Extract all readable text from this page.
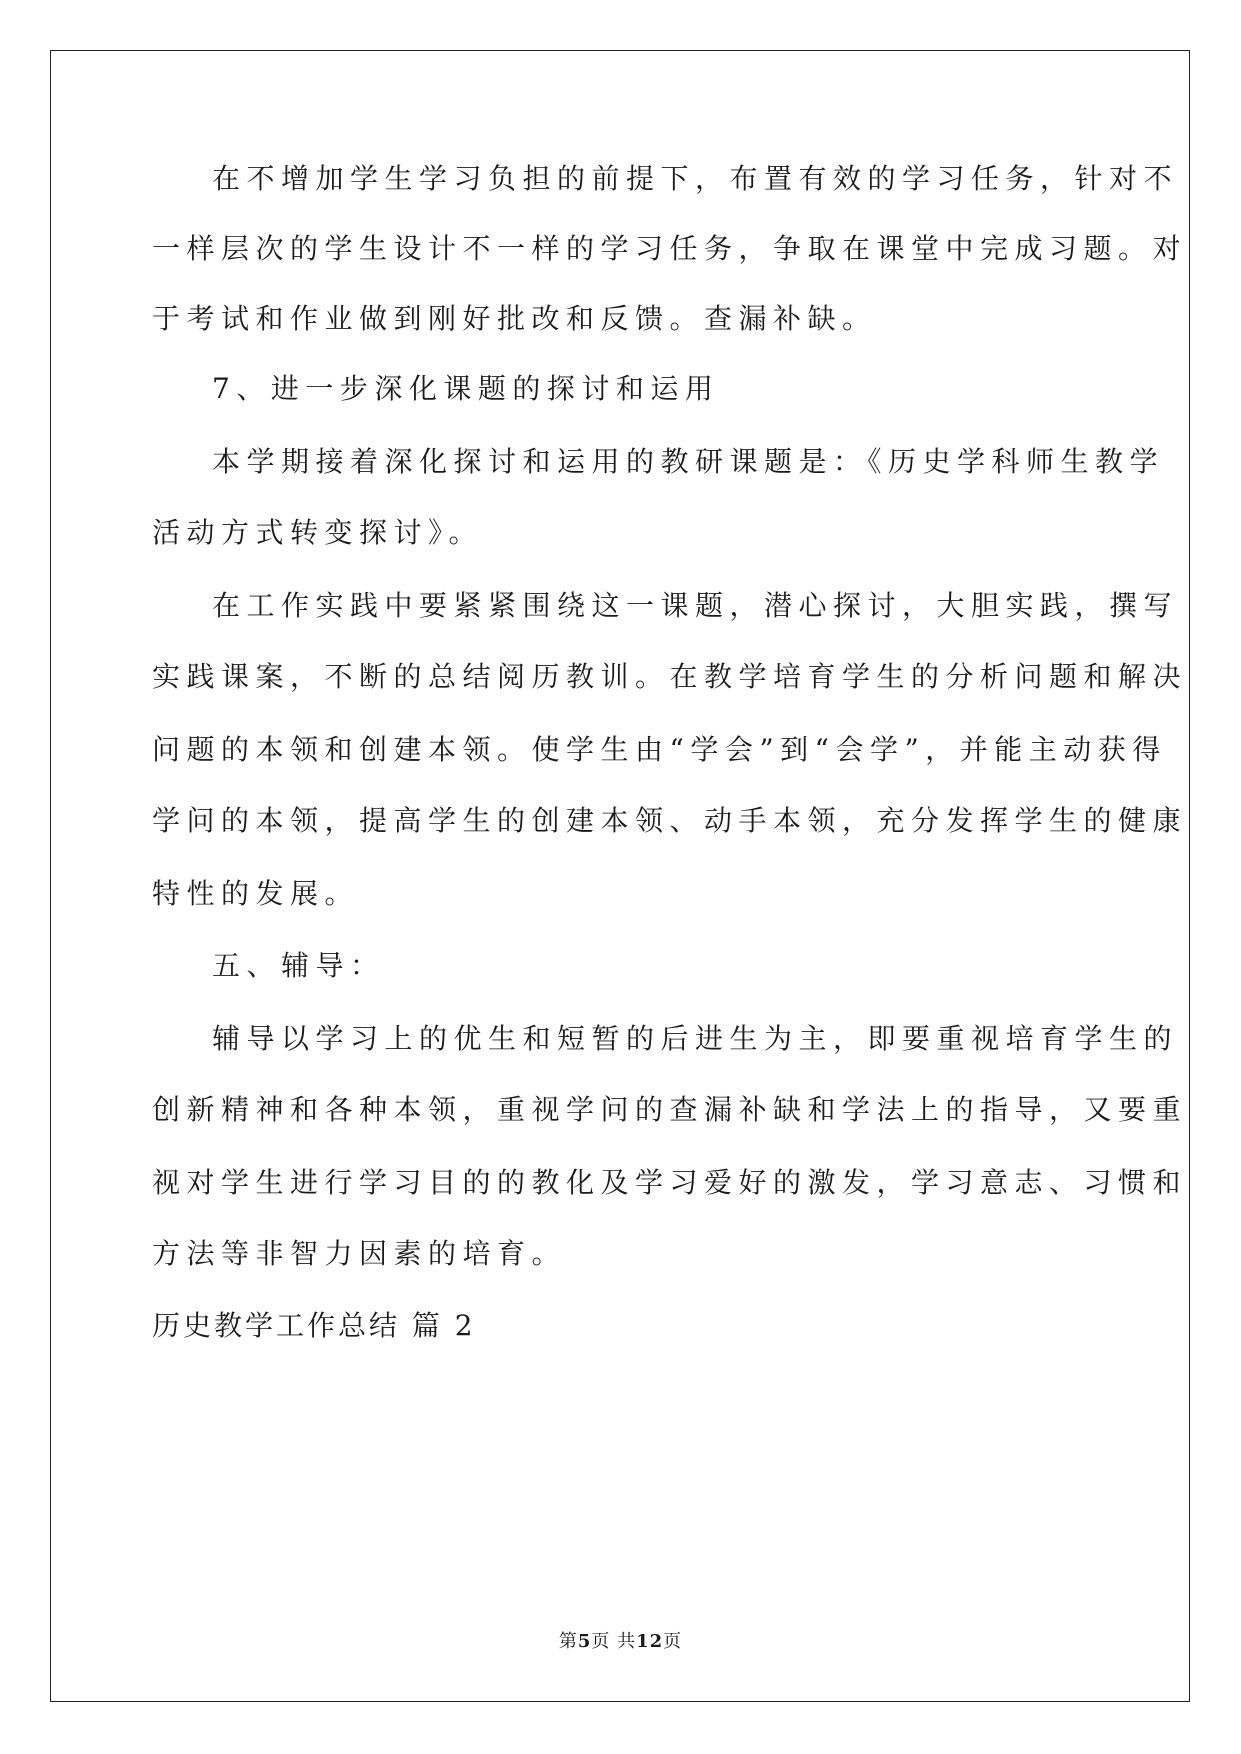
在不增加学生学习负担的前提下，布置有效的学习任务，针对不
一样层次的学生设计不一样的学习任务，争取在课堂中完成习题。对
于考试和作业做到刚好批改和反馈。查漏补缺。
7、进一步深化课题的探讨和运用
本学期接着深化探讨和运用的教研课题是：《历史学科师生教学
活动方式转变探讨》。
在工作实践中要紧紧围绕这一课题，潜心探讨，大胆实践，撰写
实践课案，不断的总结阅历教训。在教学培育学生的分析问题和解决
问题的本领和创建本领。使学生由“学会”到“会学”，并能主动获得
学问的本领，提高学生的创建本领、动手本领，充分发挥学生的健康
特性的发展。
五、辅导：
辅导以学习上的优生和短暂的后进生为主，即要重视培育学生的
创新精神和各种本领，重视学问的查漏补缺和学法上的指导，又要重
视对学生进行学习目的的教化及学习爱好的激发，学习意志、习惯和
方法等非智力因素的培育。
历史教学工作总结 篇 2
第5页 共12页
